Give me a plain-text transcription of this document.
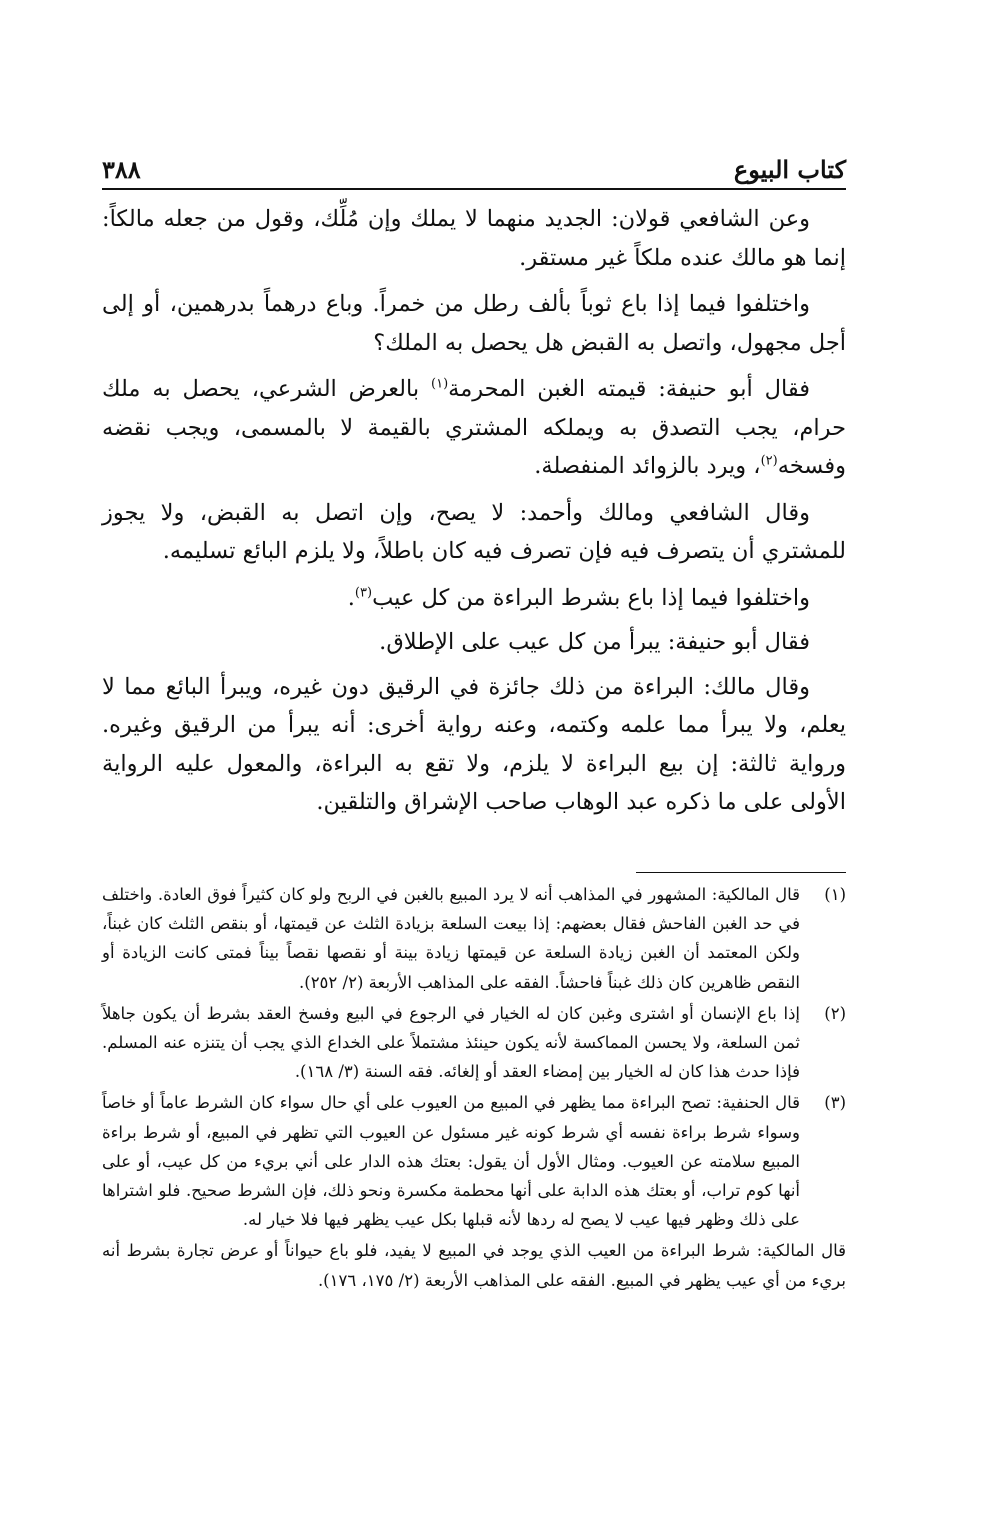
كتاب البيوع
٣٨٨

وعن الشافعي قولان: الجديد منهما لا يملك وإن مُلِّك، وقول من جعله مالكاً: إنما هو مالك عنده ملكاً غير مستقر.

واختلفوا فيما إذا باع ثوباً بألف رطل من خمراً. وباع درهماً بدرهمين، أو إلى أجل مجهول، واتصل به القبض هل يحصل به الملك؟

فقال أبو حنيفة: قيمته الغبن المحرمة$^{(١)}$ بالعرض الشرعي، يحصل به ملك حرام، يجب التصدق به ويملكه المشتري بالقيمة لا بالمسمى، ويجب نقضه وفسخه$^{(٢)}$، ويرد بالزوائد المنفصلة.

وقال الشافعي ومالك وأحمد: لا يصح، وإن اتصل به القبض، ولا يجوز للمشتري أن يتصرف فيه فإن تصرف فيه كان باطلاً، ولا يلزم البائع تسليمه.

واختلفوا فيما إذا باع بشرط البراءة من كل عيب$^{(٣)}$.

فقال أبو حنيفة: يبرأ من كل عيب على الإطلاق.

وقال مالك: البراءة من ذلك جائزة في الرقيق دون غيره، ويبرأ البائع مما لا يعلم، ولا يبرأ مما علمه وكتمه، وعنه رواية أخرى: أنه يبرأ من الرقيق وغيره. ورواية ثالثة: إن بيع البراءة لا يلزم، ولا تقع به البراءة، والمعول عليه الرواية الأولى على ما ذكره عبد الوهاب صاحب الإشراق والتلقين.

(١)
قال المالكية: المشهور في المذاهب أنه لا يرد المبيع بالغبن في الربح ولو كان كثيراً فوق العادة. واختلف في حد الغبن الفاحش فقال بعضهم: إذا بيعت السلعة بزيادة الثلث عن قيمتها، أو بنقص الثلث كان غبناً، ولكن المعتمد أن الغبن زيادة السلعة عن قيمتها زيادة بينة أو نقصها نقصاً بيناً فمتى كانت الزيادة أو النقص ظاهرين كان ذلك غبناً فاحشاً. الفقه على المذاهب الأربعة (٢/ ٢٥٢).
(٢)
إذا باع الإنسان أو اشترى وغبن كان له الخيار في الرجوع في البيع وفسخ العقد بشرط أن يكون جاهلاً ثمن السلعة، ولا يحسن المماكسة لأنه يكون حينئذ مشتملاً على الخداع الذي يجب أن يتنزه عنه المسلم. فإذا حدث هذا كان له الخيار بين إمضاء العقد أو إلغائه. فقه السنة (٣/ ١٦٨).
(٣)
قال الحنفية: تصح البراءة مما يظهر في المبيع من العيوب على أي حال سواء كان الشرط عاماً أو خاصاً وسواء شرط براءة نفسه أي شرط كونه غير مسئول عن العيوب التي تظهر في المبيع، أو شرط براءة المبيع سلامته عن العيوب. ومثال الأول أن يقول: بعتك هذه الدار على أني بريء من كل عيب، أو على أنها كوم تراب، أو بعتك هذه الدابة على أنها محطمة مكسرة ونحو ذلك، فإن الشرط صحيح. فلو اشتراها على ذلك وظهر فيها عيب لا يصح له ردها لأنه قبلها بكل عيب يظهر فيها فلا خيار له.
قال المالكية: شرط البراءة من العيب الذي يوجد في المبيع لا يفيد، فلو باع حيواناً أو عرض تجارة بشرط أنه بريء من أي عيب يظهر في المبيع. الفقه على المذاهب الأربعة (٢/ ١٧٥، ١٧٦).
